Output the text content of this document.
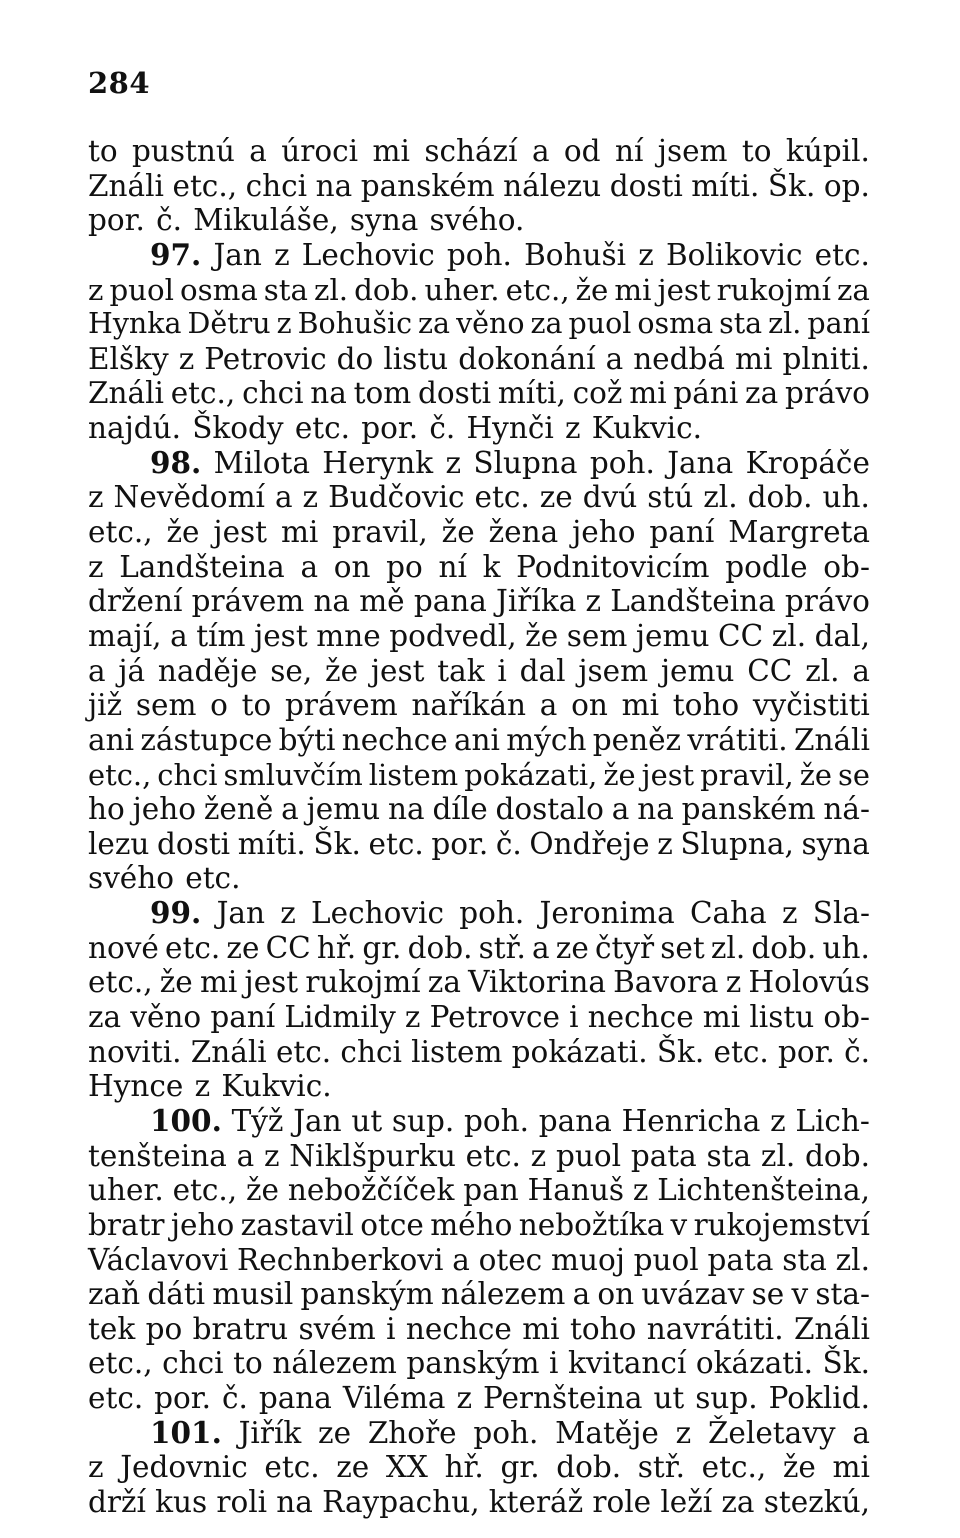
284
to pustnú a úroci mi schází a od ní jsem to kúpil.
Ználi etc., chci na panském nálezu dosti míti. Šk. op.
por. č. Mikuláše, syna svého.
97. Jan z Lechovic poh. Bohuši z Bolikovic etc.
z puol osma sta zl. dob. uher. etc., že mi jest rukojmí za
Hynka Dětru z Bohušic za věno za puol osma sta zl. paní
Elšky z Petrovic do listu dokonání a nedbá mi plniti.
Ználi etc., chci na tom dosti míti, což mi páni za právo
najdú. Škody etc. por. č. Hynči z Kukvic.
98. Milota Herynk z Slupna poh. Jana Kropáče
z Nevědomí a z Budčovic etc. ze dvú stú zl. dob. uh.
etc., že jest mi pravil, že žena jeho paní Margreta
z Landšteina a on po ní k Podnitovicím podle ob-
držení právem na mě pana Jiříka z Landšteina právo
mají, a tím jest mne podvedl, že sem jemu CC zl. dal,
a já naděje se, že jest tak i dal jsem jemu CC zl. a
již sem o to právem naříkán a on mi toho vyčistiti
ani zástupce býti nechce ani mých peněz vrátiti. Ználi
etc., chci smluvčím listem pokázati, že jest pravil, že se
ho jeho ženě a jemu na díle dostalo a na panském ná-
lezu dosti míti. Šk. etc. por. č. Ondřeje z Slupna, syna
svého etc.
99. Jan z Lechovic poh. Jeronima Caha z Sla-
nové etc. ze CC hř. gr. dob. stř. a ze čtyř set zl. dob. uh.
etc., že mi jest rukojmí za Viktorina Bavora z Holovús
za věno paní Lidmily z Petrovce i nechce mi listu ob-
noviti. Ználi etc. chci listem pokázati. Šk. etc. por. č.
Hynce z Kukvic.
100. Týž Jan ut sup. poh. pana Henricha z Lich-
tenšteina a z Niklšpurku etc. z puol pata sta zl. dob.
uher. etc., že nebožčíček pan Hanuš z Lichtenšteina,
bratr jeho zastavil otce mého nebožtíka v rukojemství
Václavovi Rechnberkovi a otec muoj puol pata sta zl.
zaň dáti musil panským nálezem a on uvázav se v sta-
tek po bratru svém i nechce mi toho navrátiti. Ználi
etc., chci to nálezem panským i kvitancí okázati. Šk.
etc. por. č. pana Viléma z Pernšteina ut sup. Poklid.
101. Jiřík ze Zhoře poh. Matěje z Želetavy a
z Jedovnic etc. ze XX hř. gr. dob. stř. etc., že mi
drží kus roli na Raypachu, kteráž role leží za stezkú,
